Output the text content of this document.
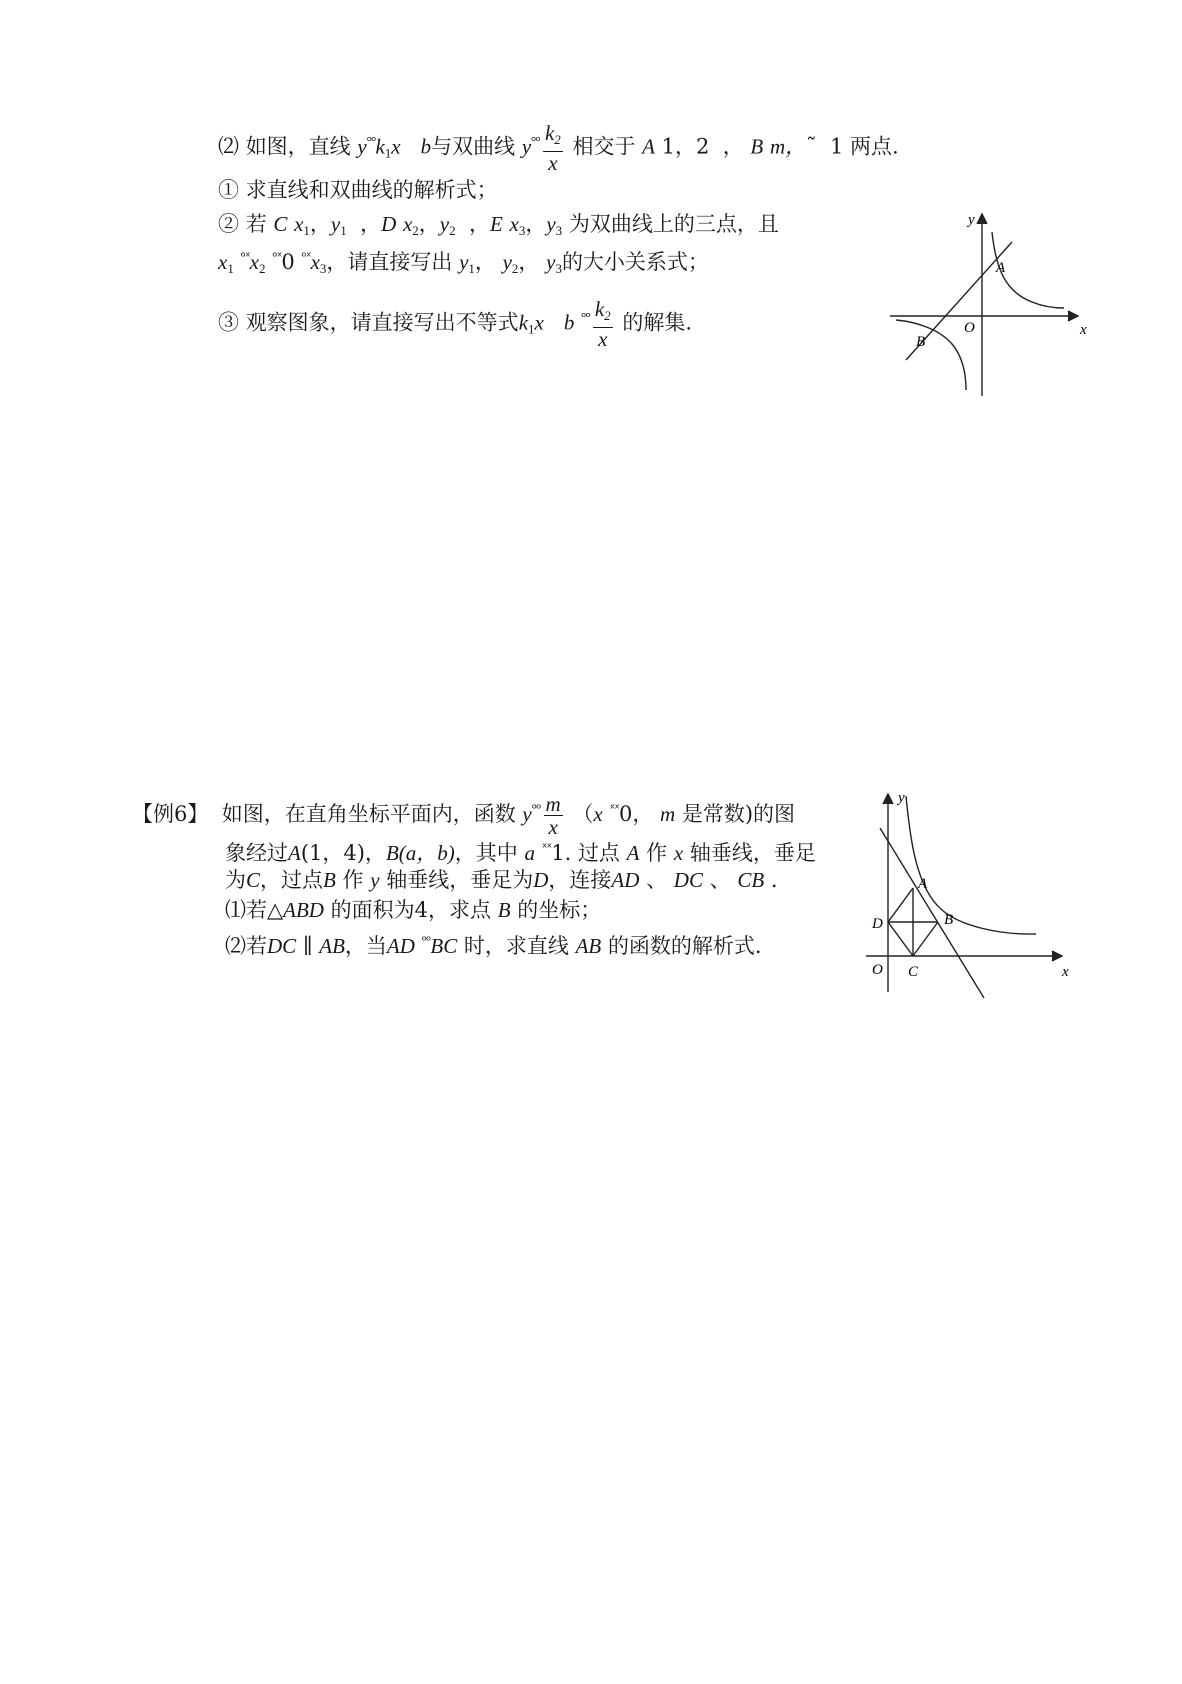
⑵ 如图，直线 $y^{ᵒᵒ}k_1x$ b与双曲线 $y^{ᵒᵒ} \frac{k_2}{x}$ 相交于 A 1，2  ， B m，˜ 1 两点.
① 求直线和双曲线的解析式；
② 若 C $x_1$，$y_1$  ，D $x_2$，$y_2$  ，E $x_3$，$y_3$ 为双曲线上的三点，且
$x_1$ $^{ᵒˣ}x_2$ $^{ᵒˣ}$0 $^{ᵒˣ}x_3$，请直接写出 $y_1$， $y_2$， $y_3$的大小关系式；
③ 观察图象，请直接写出不等式$k_1x$ b $^{ᵒᵒ} \frac{k_2}{x}$ 的解集.
y
x
A
O
B
【例6】 如图，在直角坐标平面内，函数 $y^{ᵒᵒ} \frac{m}{x} (x$ $^{ˣˣ}$0， m 是常数)的图
象经过A(1，4)，B(a，b)，其中 a $^{ˣˣ}$1. 过点 A 作 x 轴垂线，垂足
为C，过点B 作 y 轴垂线，垂足为D，连接AD 、 DC 、 CB .
⑴若△ABD 的面积为4，求点 B 的坐标；
⑵若DC ∥ AB，当AD $^{ᵒᵒ}$BC 时，求直线 AB 的函数的解析式.
y
x
A
B
D
O C
